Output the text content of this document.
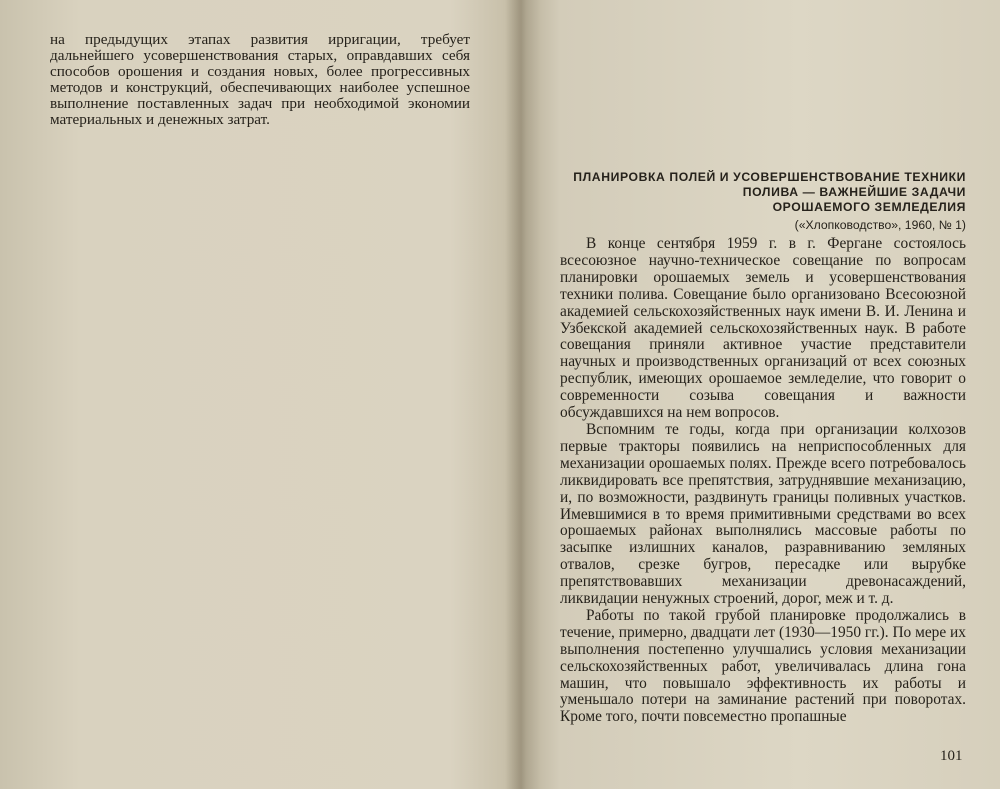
на предыдущих этапах развития ирригации, требует дальнейшего усовершенствования старых, оправдавших себя способов орошения и создания новых, более прогрессивных методов и конструкций, обеспечивающих наиболее успешное выполнение поставленных задач при необходимой экономии материальных и денежных затрат.

ПЛАНИРОВКА ПОЛЕЙ И УСОВЕРШЕНСТВОВАНИЕ ТЕХНИКИ
ПОЛИВА — ВАЖНЕЙШИЕ ЗАДАЧИ
ОРОШАЕМОГО ЗЕМЛЕДЕЛИЯ

(«Хлопководство», 1960, № 1)

В конце сентября 1959 г. в г. Фергане состоялось всесоюзное научно-техническое совещание по вопросам планировки орошаемых земель и усовершенствования техники полива. Совещание было организовано Всесоюзной академией сельскохозяйственных наук имени В. И. Ленина и Узбекской академией сельскохозяйственных наук. В работе совещания приняли активное участие представители научных и производственных организаций от всех союзных республик, имеющих орошаемое земледелие, что говорит о современности созыва совещания и важности обсуждавшихся на нем вопросов.

Вспомним те годы, когда при организации колхозов первые тракторы появились на неприспособленных для механизации орошаемых полях. Прежде всего потребовалось ликвидировать все препятствия, затруднявшие механизацию, и, по возможности, раздвинуть границы поливных участков. Имевшимися в то время примитивными средствами во всех орошаемых районах выполнялись массовые работы по засыпке излишних каналов, разравниванию земляных отвалов, срезке бугров, пересадке или вырубке препятствовавших механизации древонасаждений, ликвидации ненужных строений, дорог, меж и т. д.

Работы по такой грубой планировке продолжались в течение, примерно, двадцати лет (1930—1950 гг.). По мере их выполнения постепенно улучшались условия механизации сельскохозяйственных работ, увеличивалась длина гона машин, что повышало эффективность их работы и уменьшало потери на заминание растений при поворотах. Кроме того, почти повсеместно пропашные

101
